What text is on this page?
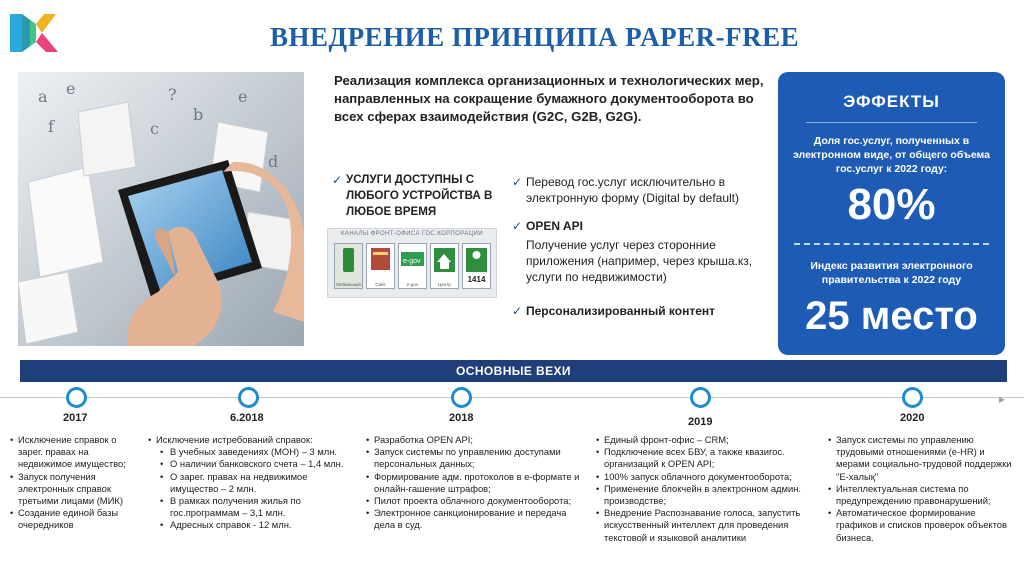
DK
ВНЕДРЕНИЕ ПРИНЦИПА PAPER-FREE
a e	?
b
e
c
f
d
Реализация комплекса организационных и технологических мер, направленных на сокращение бумажного документооборота во всех сферах взаимодействия (G2C, G2B, G2G).
✓ УСЛУГИ ДОСТУПНЫ С ЛЮБОГО УСТРОЙСТВА В ЛЮБОЕ ВРЕМЯ
КАНАЛЫ ФРОНТ-ОФИСА ГОС.КОРПОРАЦИИ
Мобильный	Сайт
e-gov
e-gov	Центр
1414
✓ Перевод гос.услуг исключительно в электронную форму (Digital by default)
✓ OPEN API
Получение услуг через сторонние приложения (например, через крыша.кз, услуги по недвижимости)
✓ Персонализированный контент
ЭФФЕКТЫ
Доля гос.услуг, полученных в электронном виде, от общего объема гос.услуг к 2022 году:
80%
Индекс развития электронного правительства к 2022 году
25 место
ОСНОВНЫЕ ВЕХИ
▸
2017	6.2018	2018	2019	2020
• Исключение справок о зарег. правах на недвижимое имущество;
• Запуск получения электронных справок третьими лицами (МИК)
• Создание единой базы очередников
• Исключение истребований справок:
• В учебных заведениях (МОН) – 3 млн.
• О наличии банковского счета – 1,4 млн.
• О зарег. правах на недвижимое имущество – 2 млн.
• В рамках получения жилья по гос.программам – 3,1 млн.
• Адресных справок - 12 млн.
• Разработка OPEN API;
• Запуск системы по управлению доступами персональных данных;
• Формирование адм. протоколов в е-формате и онлайн-гашение штрафов;
• Пилот проекта облачного документооборота;
• Электронное санкционирование и передача дела в суд.
• Единый фронт-офис – CRM;
• Подключение всех БВУ, а также квазигос. организаций к OPEN API;
• 100% запуск облачного документооборота;
• Применение блокчейн в электронном админ. производстве;
• Внедрение Распознавание голоса, запустить искусственный интеллект для проведения текстовой и языковой аналитики
• Запуск системы по управлению трудовыми отношениями (e-HR) и мерами социально-трудовой поддержки "E-халық"
• Интеллектуальная система по предупреждению правонарушений;
• Автоматическое формирование графиков и списков проверок объектов бизнеса.
